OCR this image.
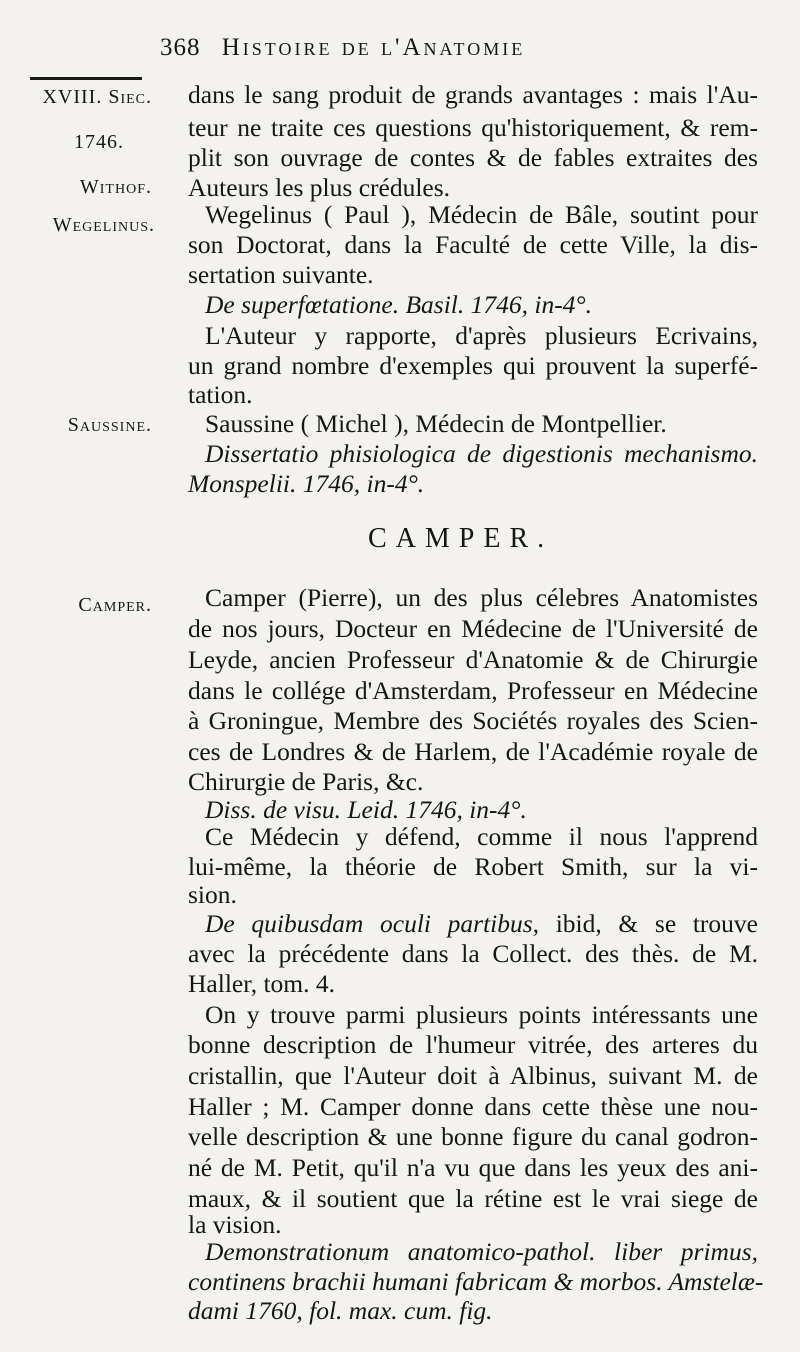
368 Histoire de l'Anatomie
XVIII. Siec.
1746.
Withof.
Wegelinus.
Saussine.
Camper.
dans le sang produit de grands avantages : mais l'Au-
teur ne traite ces questions qu'historiquement, & rem-
plit son ouvrage de contes & de fables extraites des
Auteurs les plus crédules.
Wegelinus ( Paul ), Médecin de Bâle, soutint pour
son Doctorat, dans la Faculté de cette Ville, la dis-
sertation suivante.
De superfœtatione. Basil. 1746, in-4°.
L'Auteur y rapporte, d'après plusieurs Ecrivains,
un grand nombre d'exemples qui prouvent la superfé-
tation.
Saussine ( Michel ), Médecin de Montpellier.
Dissertatio phisiologica de digestionis mechanismo.
Monspelii. 1746, in-4°.
CAMPER.
Camper (Pierre), un des plus célebres Anatomistes
de nos jours, Docteur en Médecine de l'Université de
Leyde, ancien Professeur d'Anatomie & de Chirurgie
dans le collége d'Amsterdam, Professeur en Médecine
à Groningue, Membre des Sociétés royales des Scien-
ces de Londres & de Harlem, de l'Académie royale de
Chirurgie de Paris, &c.
Diss. de visu. Leid. 1746, in-4°.
Ce Médecin y défend, comme il nous l'apprend
lui-même, la théorie de Robert Smith, sur la vi-
sion.
De quibusdam oculi partibus, ibid, & se trouve
avec la précédente dans la Collect. des thès. de M.
Haller, tom. 4.
On y trouve parmi plusieurs points intéressants une
bonne description de l'humeur vitrée, des arteres du
cristallin, que l'Auteur doit à Albinus, suivant M. de
Haller ; M. Camper donne dans cette thèse une nou-
velle description & une bonne figure du canal godron-
né de M. Petit, qu'il n'a vu que dans les yeux des ani-
maux, & il soutient que la rétine est le vrai siege de
la vision.
Demonstrationum anatomico-pathol. liber primus,
continens brachii humani fabricam & morbos. Amstelæ-
dami 1760, fol. max. cum. fig.
